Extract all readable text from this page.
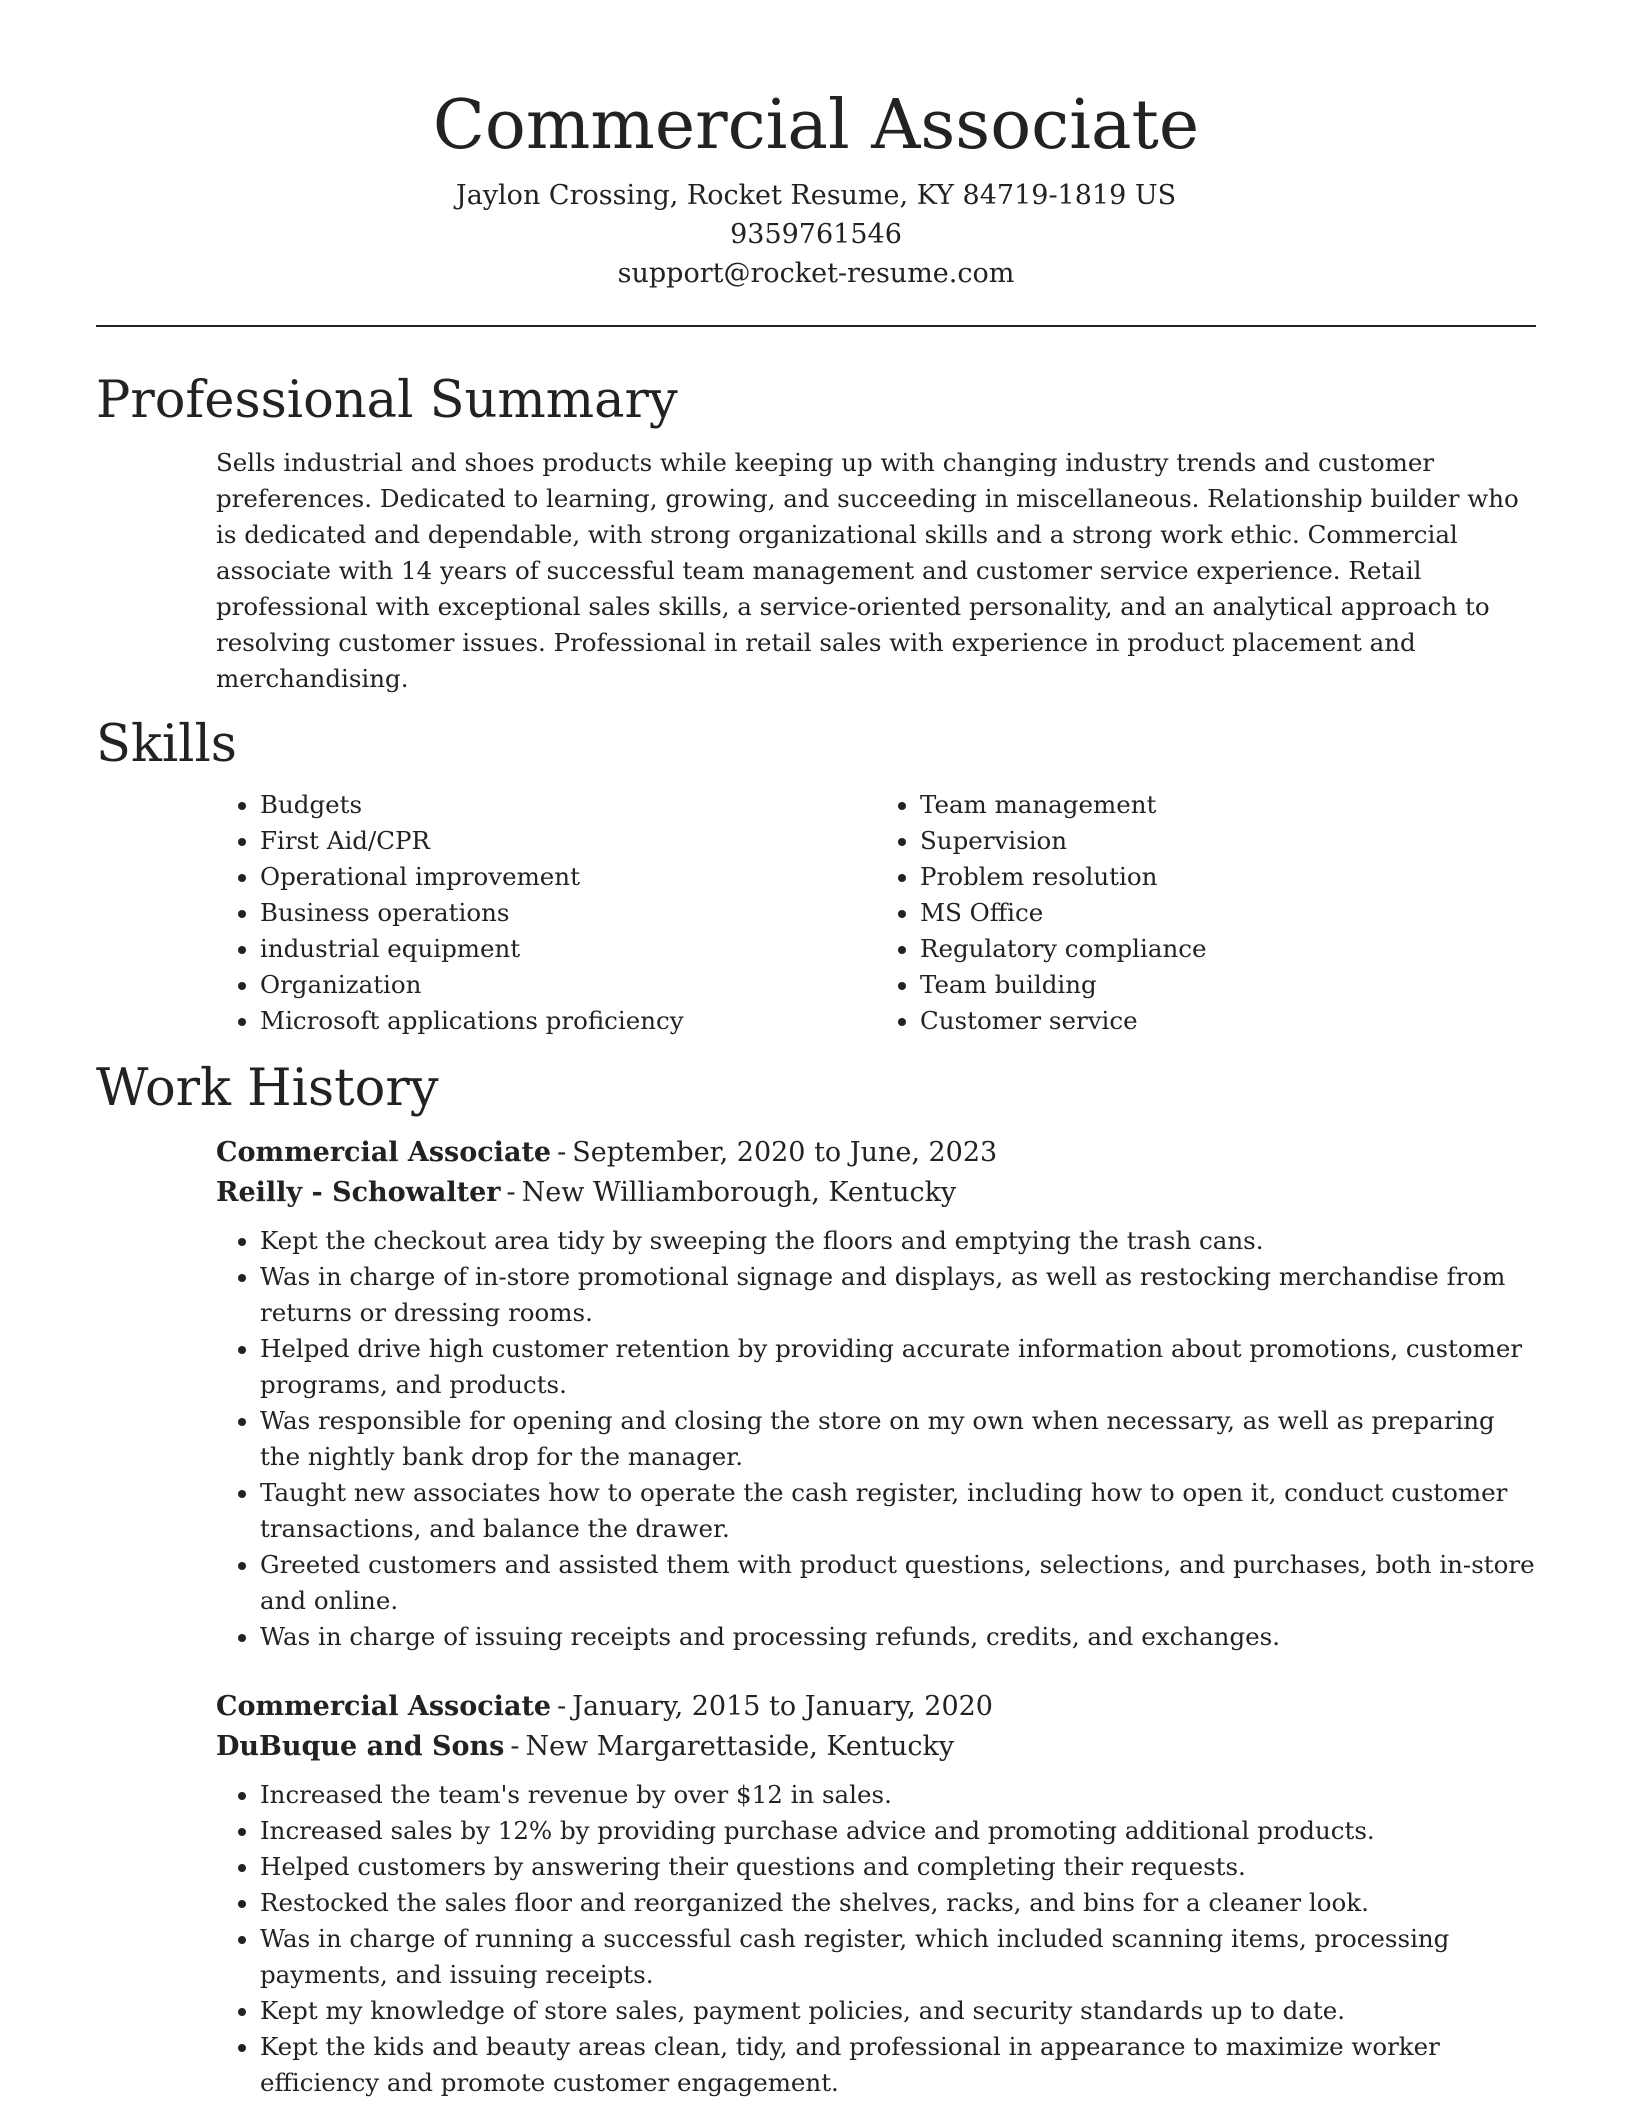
Commercial Associate
Jaylon Crossing, Rocket Resume, KY 84719-1819 US
9359761546
support@rocket-resume.com
Professional Summary
Sells industrial and shoes products while keeping up with changing industry trends and customer preferences. Dedicated to learning, growing, and succeeding in miscellaneous. Relationship builder who is dedicated and dependable, with strong organizational skills and a strong work ethic. Commercial associate with 14 years of successful team management and customer service experience. Retail professional with exceptional sales skills, a service-oriented personality, and an analytical approach to resolving customer issues. Professional in retail sales with experience in product placement and merchandising.
Skills
• Budgets
• First Aid/CPR
• Operational improvement
• Business operations
• industrial equipment
• Organization
• Microsoft applications proficiency
• Team management
• Supervision
• Problem resolution
• MS Office
• Regulatory compliance
• Team building
• Customer service
Work History
Commercial Associate - September, 2020 to June, 2023
Reilly - Schowalter - New Williamborough, Kentucky
• Kept the checkout area tidy by sweeping the floors and emptying the trash cans.
• Was in charge of in-store promotional signage and displays, as well as restocking merchandise from returns or dressing rooms.
• Helped drive high customer retention by providing accurate information about promotions, customer programs, and products.
• Was responsible for opening and closing the store on my own when necessary, as well as preparing the nightly bank drop for the manager.
• Taught new associates how to operate the cash register, including how to open it, conduct customer transactions, and balance the drawer.
• Greeted customers and assisted them with product questions, selections, and purchases, both in-store and online.
• Was in charge of issuing receipts and processing refunds, credits, and exchanges.
Commercial Associate - January, 2015 to January, 2020
DuBuque and Sons - New Margarettaside, Kentucky
• Increased the team's revenue by over $12 in sales.
• Increased sales by 12% by providing purchase advice and promoting additional products.
• Helped customers by answering their questions and completing their requests.
• Restocked the sales floor and reorganized the shelves, racks, and bins for a cleaner look.
• Was in charge of running a successful cash register, which included scanning items, processing payments, and issuing receipts.
• Kept my knowledge of store sales, payment policies, and security standards up to date.
• Kept the kids and beauty areas clean, tidy, and professional in appearance to maximize worker efficiency and promote customer engagement.
